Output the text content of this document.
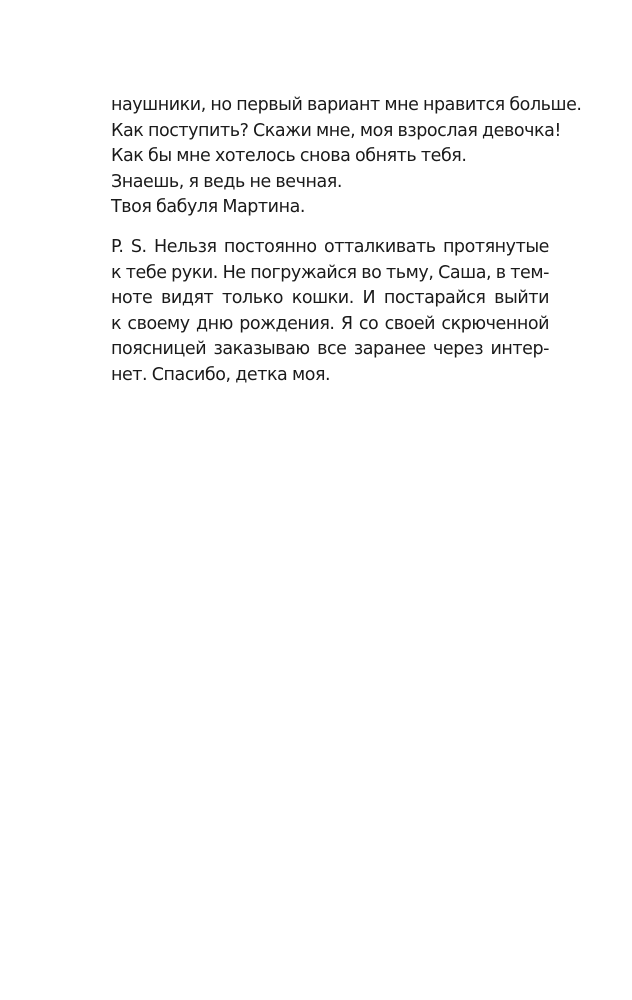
наушники, но первый вариант мне нравится больше.
Как поступить? Скажи мне, моя взрослая девочка!
Как бы мне хотелось снова обнять тебя.
Знаешь, я ведь не вечная.
Твоя бабуля Мартина.
P. S. Нельзя постоянно отталкивать протянутые
к тебе руки. Не погружайся во тьму, Саша, в тем-
ноте видят только кошки. И постарайся выйти
к своему дню рождения. Я со своей скрюченной
поясницей заказываю все заранее через интер-
нет. Спасибо, детка моя.
